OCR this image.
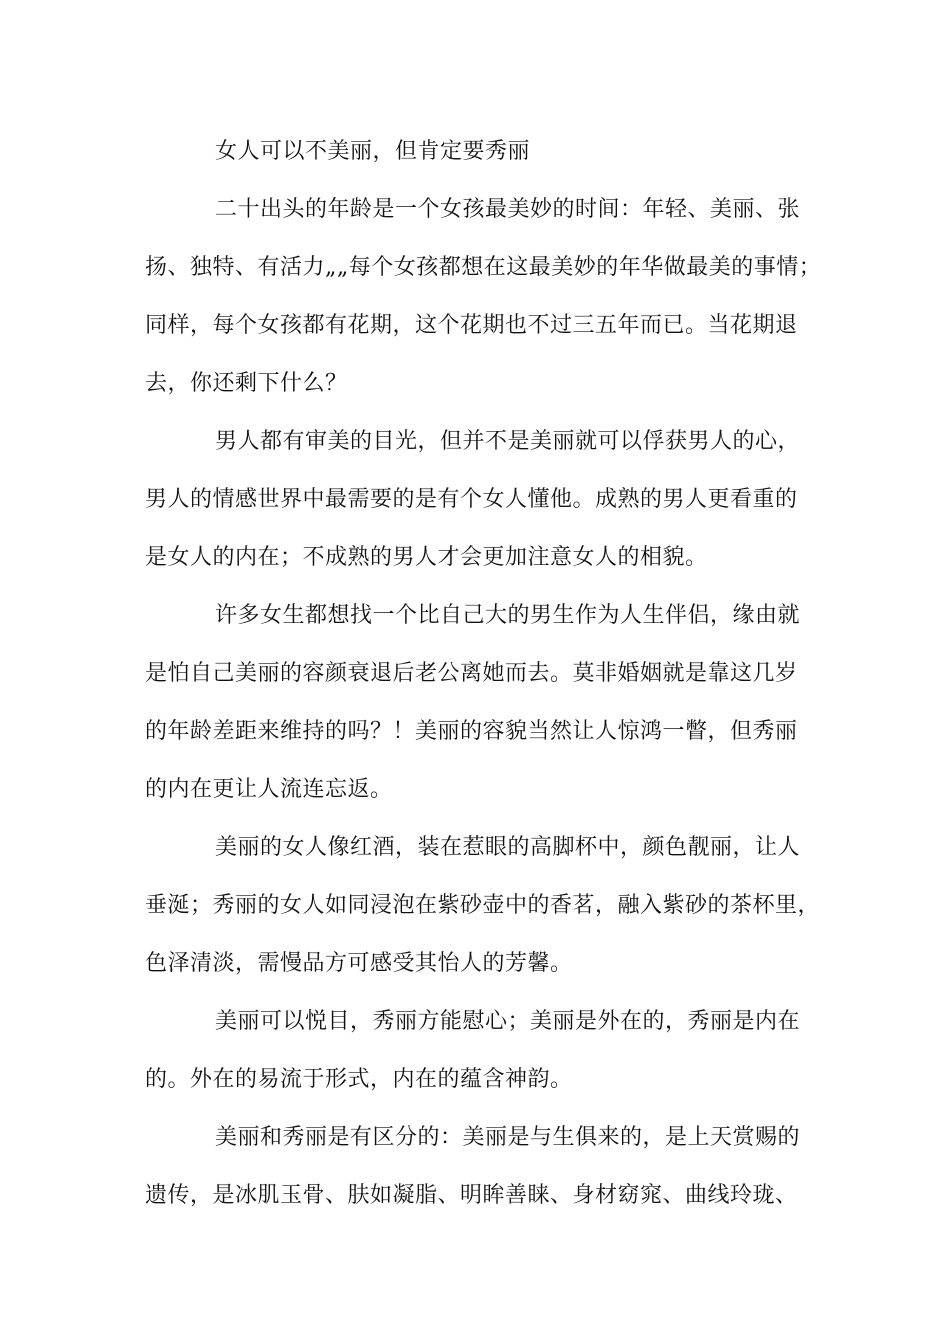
女人可以不美丽，但肯定要秀丽
二十出头的年龄是一个女孩最美妙的时间：年轻、美丽、张
扬、独特、有活力„„每个女孩都想在这最美妙的年华做最美的事情；
同样，每个女孩都有花期，这个花期也不过三五年而已。当花期退
去，你还剩下什么？
男人都有审美的目光，但并不是美丽就可以俘获男人的心，
男人的情感世界中最需要的是有个女人懂他。成熟的男人更看重的
是女人的内在；不成熟的男人才会更加注意女人的相貌。
许多女生都想找一个比自己大的男生作为人生伴侣，缘由就
是怕自己美丽的容颜衰退后老公离她而去。莫非婚姻就是靠这几岁
的年龄差距来维持的吗？！美丽的容貌当然让人惊鸿一瞥，但秀丽
的内在更让人流连忘返。
美丽的女人像红酒，装在惹眼的高脚杯中，颜色靓丽，让人
垂涎；秀丽的女人如同浸泡在紫砂壶中的香茗，融入紫砂的茶杯里，
色泽清淡，需慢品方可感受其怡人的芳馨。
美丽可以悦目，秀丽方能慰心；美丽是外在的，秀丽是内在
的。外在的易流于形式，内在的蕴含神韵。
美丽和秀丽是有区分的：美丽是与生俱来的，是上天赏赐的
遗传，是冰肌玉骨、肤如凝脂、明眸善睐、身材窈窕、曲线玲珑、
